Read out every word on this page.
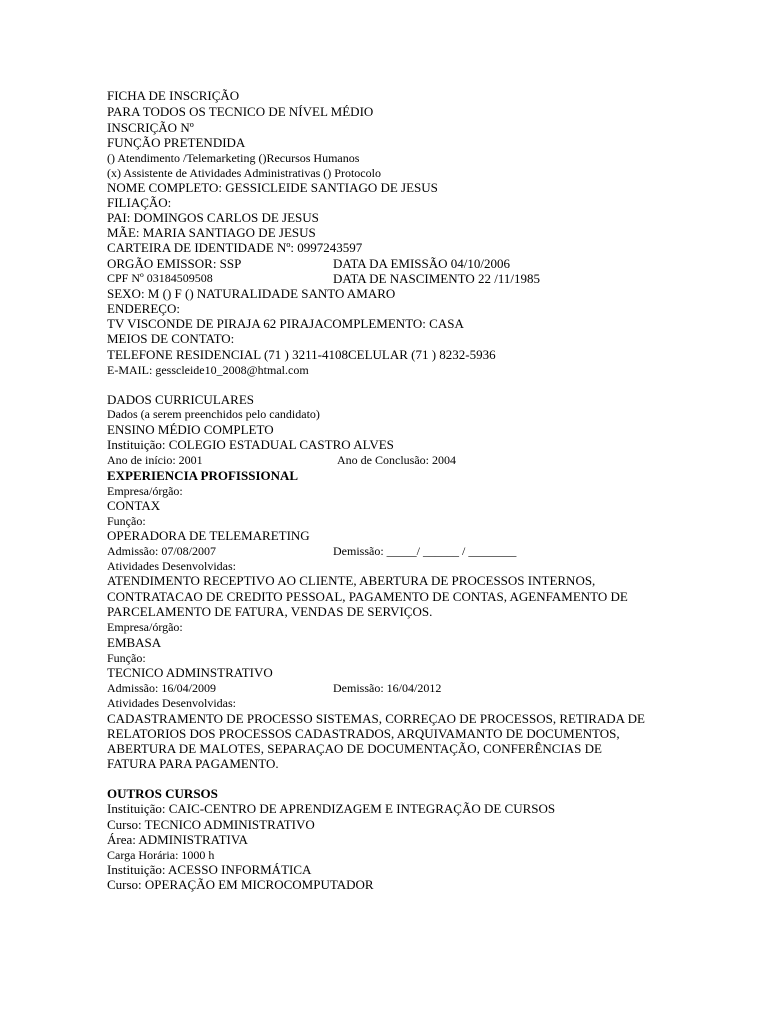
FICHA DE INSCRIÇÃO
PARA TODOS OS TECNICO DE NÍVEL MÉDIO
INSCRIÇÃO Nº
FUNÇÃO PRETENDIDA
() Atendimento /Telemarketing ()Recursos Humanos
(x) Assistente de Atividades Administrativas () Protocolo
NOME COMPLETO: GESSICLEIDE SANTIAGO DE JESUS
FILIAÇÃO:
PAI: DOMINGOS CARLOS DE JESUS
MÃE: MARIA SANTIAGO DE JESUS
CARTEIRA DE IDENTIDADE Nº: 0997243597
ORGÃO EMISSOR: SSP	DATA DA EMISSÃO 04/10/2006
CPF Nº 03184509508	DATA DE NASCIMENTO 22 /11/1985
SEXO: M () F () NATURALIDADE SANTO AMARO
ENDEREÇO:
TV VISCONDE DE PIRAJA 62 PIRAJACOMPLEMENTO: CASA
MEIOS DE CONTATO:
TELEFONE RESIDENCIAL (71 ) 3211-4108CELULAR (71 ) 8232-5936
E-MAIL: gesscleide10_2008@htmal.com
DADOS CURRICULARES
Dados (a serem preenchidos pelo candidato)
ENSINO MÉDIO COMPLETO
Instituição: COLEGIO ESTADUAL CASTRO ALVES
Ano de início: 2001	Ano de Conclusão: 2004
EXPERIENCIA PROFISSIONAL
Empresa/órgão:
CONTAX
Função:
OPERADORA DE TELEMARETING
Admissão: 07/08/2007	Demissão: _____/ ______ / ________
Atividades Desenvolvidas:
ATENDIMENTO RECEPTIVO AO CLIENTE, ABERTURA DE PROCESSOS INTERNOS,
CONTRATACAO DE CREDITO PESSOAL, PAGAMENTO DE CONTAS, AGENFAMENTO DE
PARCELAMENTO DE FATURA, VENDAS DE SERVIÇOS.
Empresa/órgão:
EMBASA
Função:
TECNICO ADMINSTRATIVO
Admissão: 16/04/2009	Demissão: 16/04/2012
Atividades Desenvolvidas:
CADASTRAMENTO DE PROCESSO SISTEMAS, CORREÇAO DE PROCESSOS, RETIRADA DE
RELATORIOS DOS PROCESSOS CADASTRADOS, ARQUIVAMANTO DE DOCUMENTOS,
ABERTURA DE MALOTES, SEPARAÇAO DE DOCUMENTAÇÃO, CONFERÊNCIAS DE
FATURA PARA PAGAMENTO.
OUTROS CURSOS
Instituição: CAIC-CENTRO DE APRENDIZAGEM E INTEGRAÇÃO DE CURSOS
Curso: TECNICO ADMINISTRATIVO
Área: ADMINISTRATIVA
Carga Horária: 1000 h
Instituição: ACESSO INFORMÁTICA
Curso: OPERAÇÃO EM MICROCOMPUTADOR
